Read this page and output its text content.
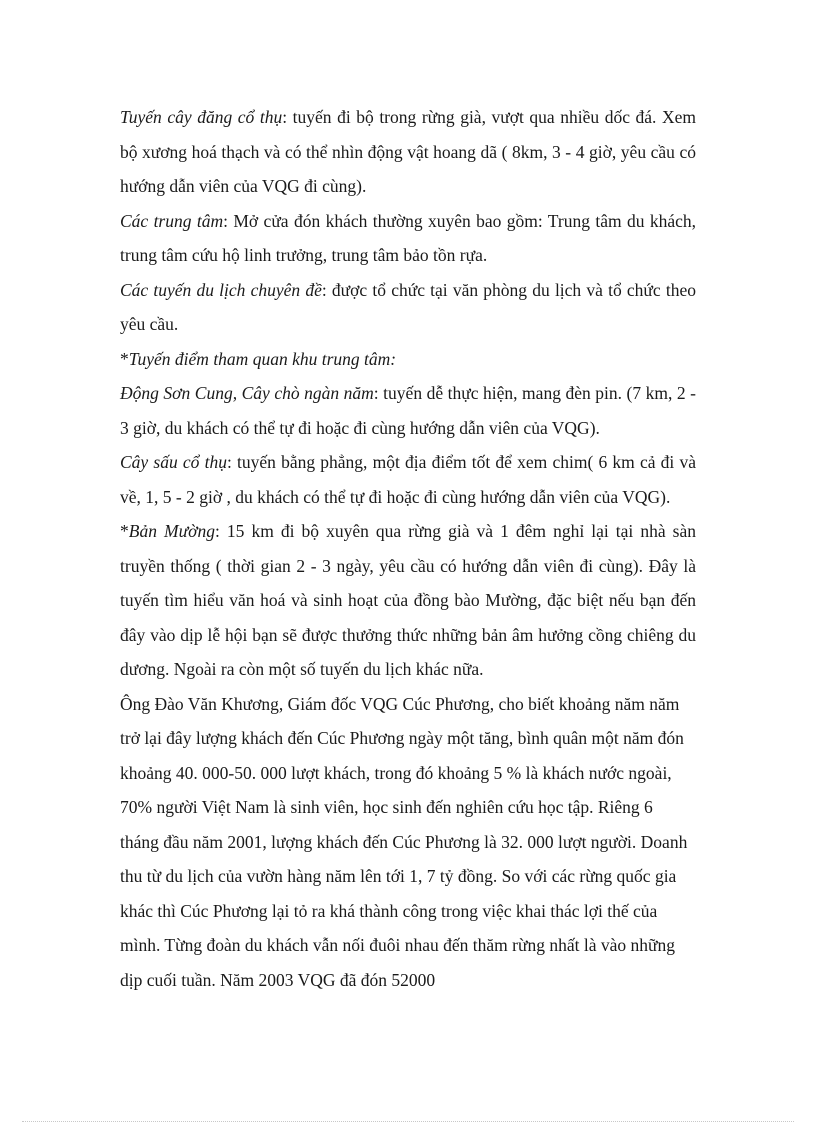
Tuyến cây đăng cổ thụ: tuyến đi bộ trong rừng già, vượt qua nhiều dốc đá. Xem bộ xương hoá thạch và có thể nhìn động vật hoang dã ( 8km, 3 - 4 giờ, yêu cầu có hướng dẫn viên của VQG đi cùng).

Các trung tâm: Mở cửa đón khách thường xuyên bao gồm: Trung tâm du khách, trung tâm cứu hộ linh trưởng, trung tâm bảo tồn rựa.

Các tuyến du lịch chuyên đề: được tổ chức tại văn phòng du lịch và tổ chức theo yêu cầu.

*Tuyến điểm tham quan khu trung tâm:

Động Sơn Cung, Cây chò ngàn năm: tuyến dễ thực hiện, mang đèn pin. (7 km, 2 - 3 giờ, du khách có thể tự đi hoặc đi cùng hướng dẫn viên của VQG).

Cây sấu cổ thụ: tuyến bằng phẳng, một địa điểm tốt để xem chim( 6 km cả đi và về, 1, 5 - 2 giờ , du khách có thể tự đi hoặc đi cùng hướng dẫn viên của VQG).

*Bản Mường: 15 km đi bộ xuyên qua rừng già và 1 đêm nghỉ lại tại nhà sàn truyền thống ( thời gian 2 - 3 ngày, yêu cầu có hướng dẫn viên đi cùng). Đây là tuyến tìm hiểu văn hoá và sinh hoạt của đồng bào Mường, đặc biệt nếu bạn đến đây vào dịp lễ hội bạn sẽ được thưởng thức những bản âm hưởng cồng chiêng du dương. Ngoài ra còn một số tuyến du lịch khác nữa.

Ông Đào Văn Khương, Giám đốc VQG Cúc Phương, cho biết khoảng năm năm trở lại đây lượng khách đến Cúc Phương ngày một tăng, bình quân một năm đón khoảng 40. 000-50. 000 lượt khách, trong đó khoảng 5 % là khách nước ngoài, 70% người Việt Nam là sinh viên, học sinh đến nghiên cứu học tập. Riêng 6 tháng đầu năm 2001, lượng khách đến Cúc Phương là 32. 000 lượt người. Doanh thu từ du lịch của vườn hàng năm lên tới 1, 7 tỷ đồng. So với các rừng quốc gia khác thì Cúc Phương lại tỏ ra khá thành công trong việc khai thác lợi thế của mình. Từng đoàn du khách vẫn nối đuôi nhau đến thăm rừng nhất là vào những dịp cuối tuần. Năm 2003 VQG đã đón 52000
